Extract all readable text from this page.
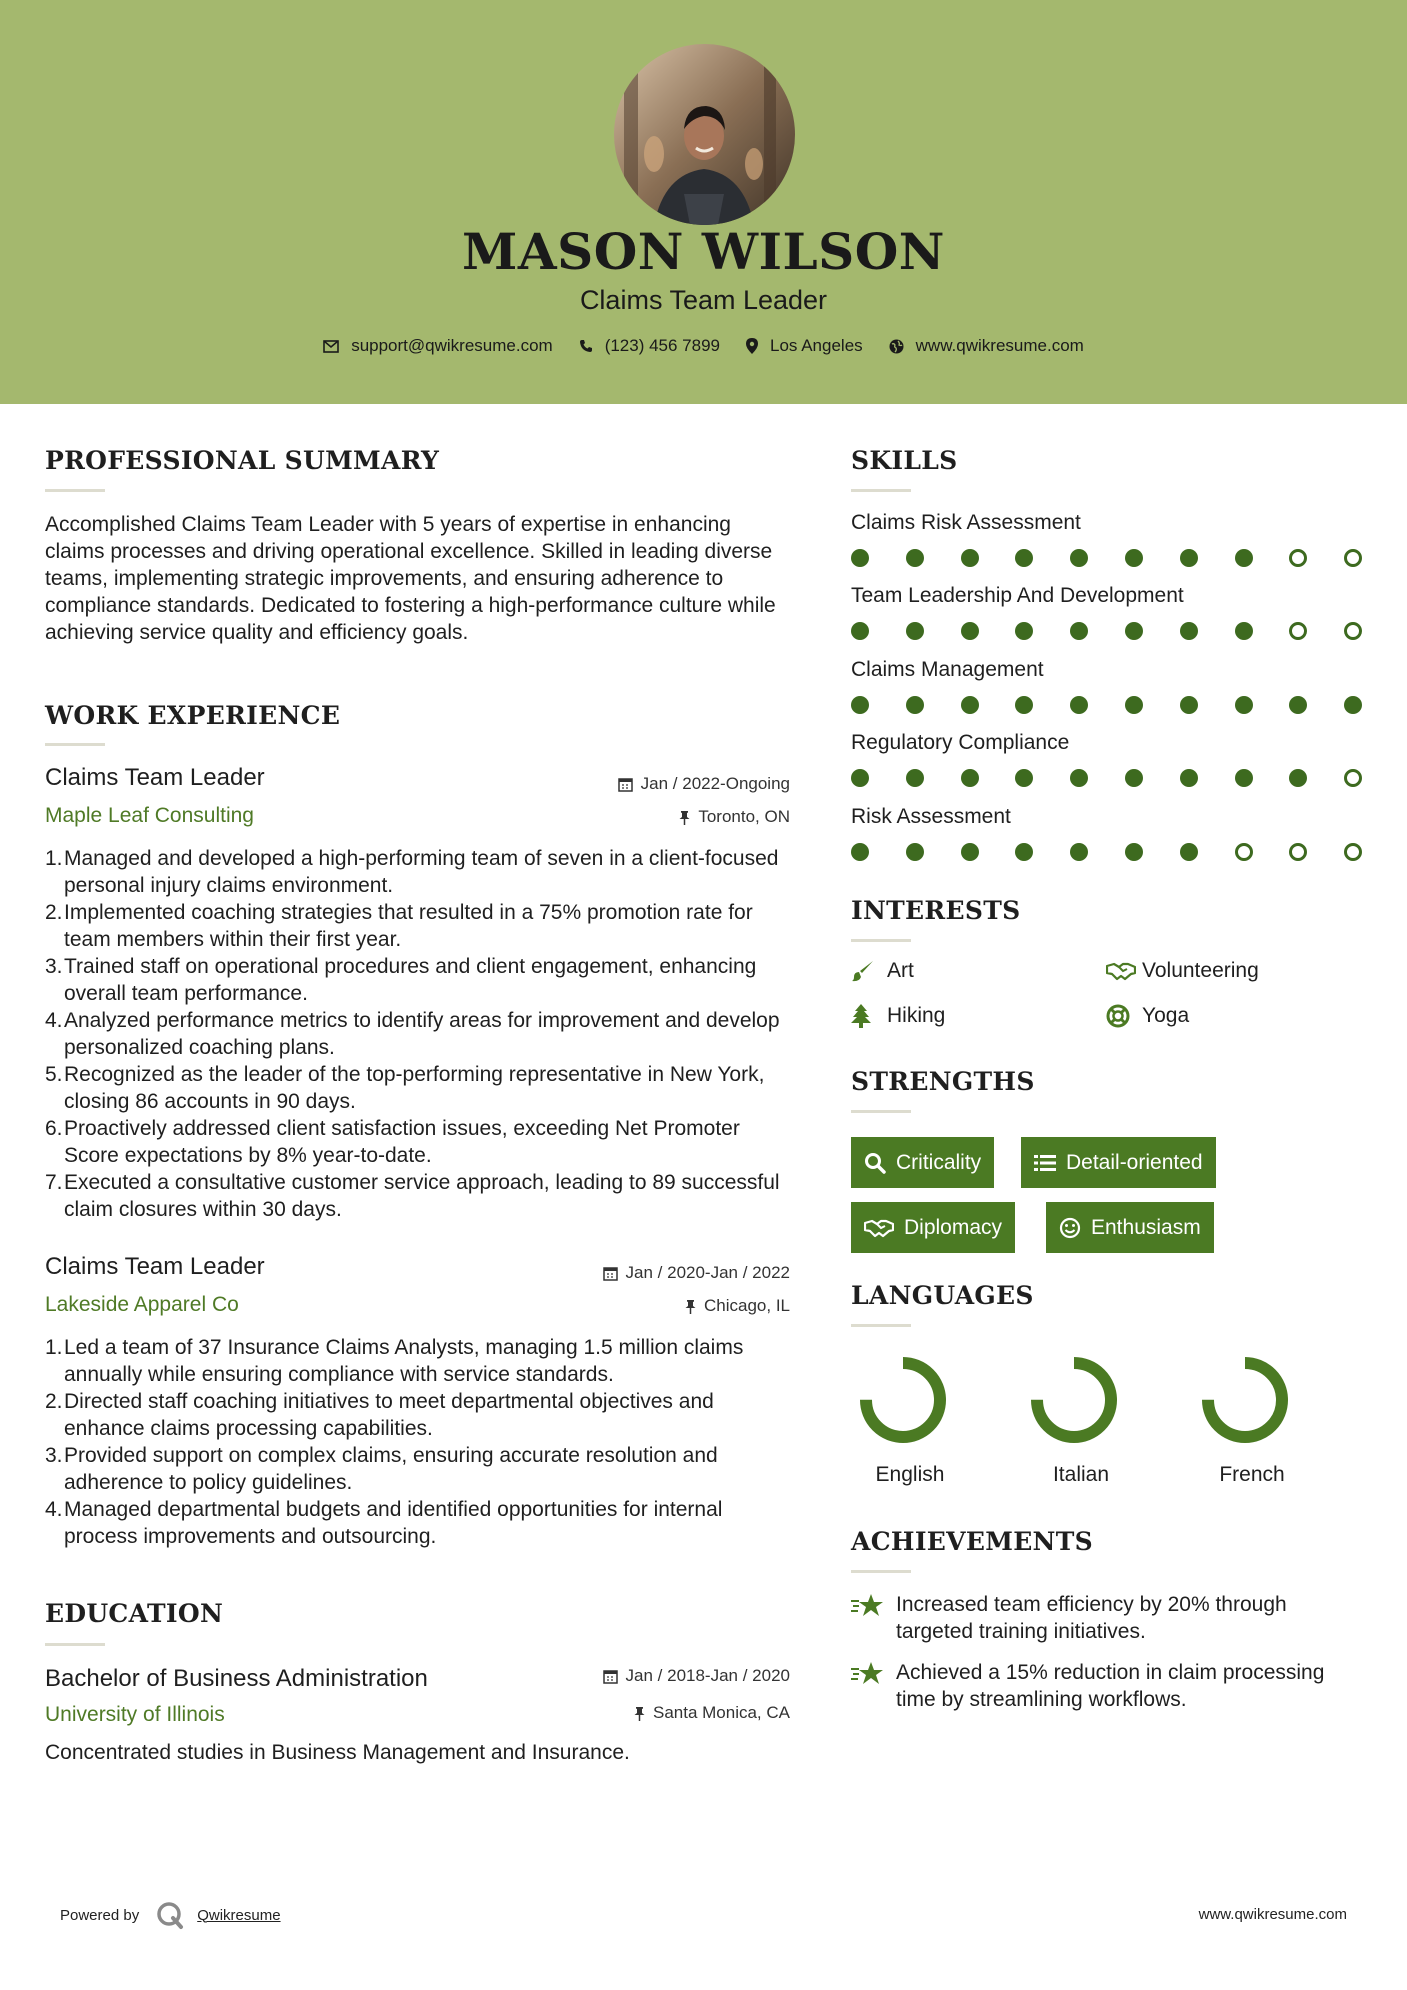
MASON WILSON
Claims Team Leader
support@qwikresume.com	(123) 456 7899	Los Angeles	www.qwikresume.com
PROFESSIONAL SUMMARY
Accomplished Claims Team Leader with 5 years of expertise in enhancing claims processes and driving operational excellence. Skilled in leading diverse teams, implementing strategic improvements, and ensuring adherence to compliance standards. Dedicated to fostering a high-performance culture while achieving service quality and efficiency goals.
WORK EXPERIENCE
Claims Team Leader	Jan / 2022-Ongoing
Maple Leaf Consulting	Toronto, ON
1. Managed and developed a high-performing team of seven in a client-focused personal injury claims environment.
2. Implemented coaching strategies that resulted in a 75% promotion rate for team members within their first year.
3. Trained staff on operational procedures and client engagement, enhancing overall team performance.
4. Analyzed performance metrics to identify areas for improvement and develop personalized coaching plans.
5. Recognized as the leader of the top-performing representative in New York, closing 86 accounts in 90 days.
6. Proactively addressed client satisfaction issues, exceeding Net Promoter Score expectations by 8% year-to-date.
7. Executed a consultative customer service approach, leading to 89 successful claim closures within 30 days.
Claims Team Leader	Jan / 2020-Jan / 2022
Lakeside Apparel Co	Chicago, IL
1. Led a team of 37 Insurance Claims Analysts, managing 1.5 million claims annually while ensuring compliance with service standards.
2. Directed staff coaching initiatives to meet departmental objectives and enhance claims processing capabilities.
3. Provided support on complex claims, ensuring accurate resolution and adherence to policy guidelines.
4. Managed departmental budgets and identified opportunities for internal process improvements and outsourcing.
EDUCATION
Bachelor of Business Administration	Jan / 2018-Jan / 2020
University of Illinois	Santa Monica, CA
Concentrated studies in Business Management and Insurance.
SKILLS
Claims Risk Assessment
Team Leadership And Development
Claims Management
Regulatory Compliance
Risk Assessment
INTERESTS
Art	Volunteering
Hiking	Yoga
STRENGTHS
Criticality	Detail-oriented
Diplomacy	Enthusiasm
LANGUAGES
English	Italian	French
ACHIEVEMENTS
Increased team efficiency by 20% through targeted training initiatives.
Achieved a 15% reduction in claim processing time by streamlining workflows.
Powered by	Qwikresume	www.qwikresume.com
